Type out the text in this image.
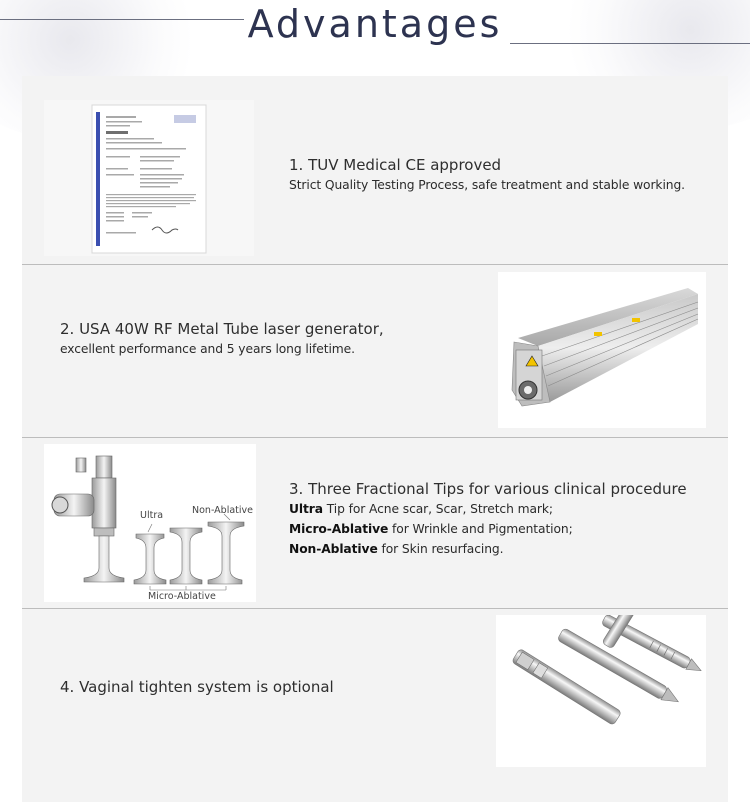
Advantages
1. TUV Medical CE approved
Strict Quality Testing Process, safe treatment and stable working.
2. USA 40W RF Metal Tube laser generator,
excellent performance and 5 years long lifetime.
Ultra	Non-Ablative
Micro-Ablative
3. Three Fractional Tips for various clinical procedure
Ultra Tip for Acne scar, Scar, Stretch mark;
Micro-Ablative for Wrinkle and Pigmentation;
Non-Ablative for Skin resurfacing.
4. Vaginal tighten system is optional
